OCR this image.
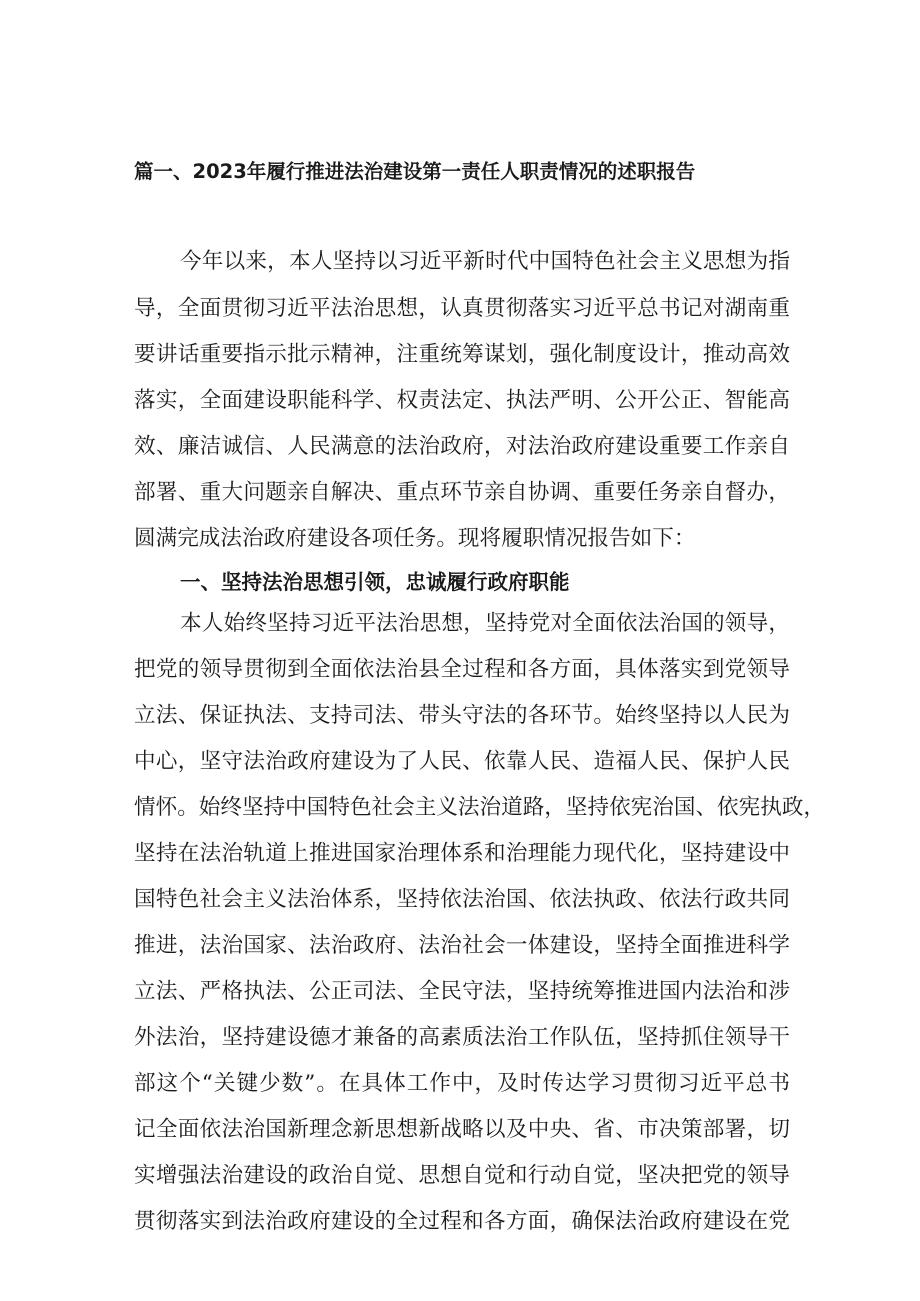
篇一、2023年履行推进法治建设第一责任人职责情况的述职报告

今年以来，本人坚持以习近平新时代中国特色社会主义思想为指

导，全面贯彻习近平法治思想，认真贯彻落实习近平总书记对湖南重

要讲话重要指示批示精神，注重统筹谋划，强化制度设计，推动高效

落实，全面建设职能科学、权责法定、执法严明、公开公正、智能高

效、廉洁诚信、人民满意的法治政府，对法治政府建设重要工作亲自

部署、重大问题亲自解决、重点环节亲自协调、重要任务亲自督办，

圆满完成法治政府建设各项任务。现将履职情况报告如下：

一、坚持法治思想引领，忠诚履行政府职能

本人始终坚持习近平法治思想，坚持党对全面依法治国的领导，

把党的领导贯彻到全面依法治县全过程和各方面，具体落实到党领导

立法、保证执法、支持司法、带头守法的各环节。始终坚持以人民为

中心，坚守法治政府建设为了人民、依靠人民、造福人民、保护人民

情怀。始终坚持中国特色社会主义法治道路，坚持依宪治国、依宪执政，

坚持在法治轨道上推进国家治理体系和治理能力现代化，坚持建设中

国特色社会主义法治体系，坚持依法治国、依法执政、依法行政共同

推进，法治国家、法治政府、法治社会一体建设，坚持全面推进科学

立法、严格执法、公正司法、全民守法，坚持统筹推进国内法治和涉

外法治，坚持建设德才兼备的高素质法治工作队伍，坚持抓住领导干

部这个“关键少数”。在具体工作中，及时传达学习贯彻习近平总书

记全面依法治国新理念新思想新战略以及中央、省、市决策部署，切

实增强法治建设的政治自觉、思想自觉和行动自觉，坚决把党的领导

贯彻落实到法治政府建设的全过程和各方面，确保法治政府建设在党
